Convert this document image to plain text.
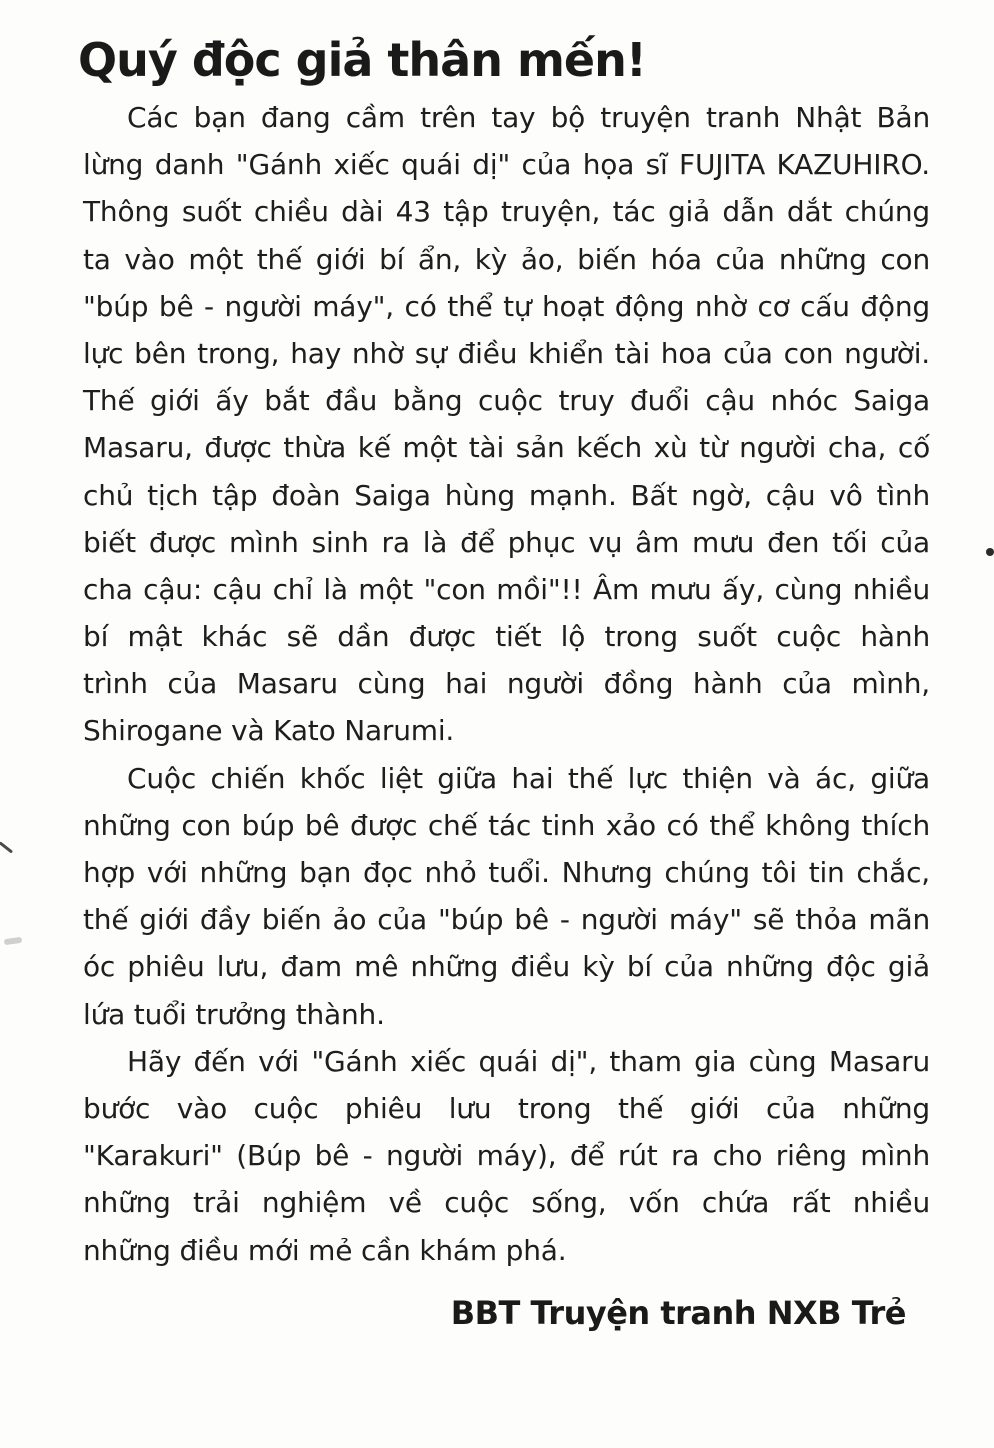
Quý độc giả thân mến!
Các bạn đang cầm trên tay bộ truyện tranh Nhật Bản
lừng danh "Gánh xiếc quái dị" của họa sĩ FUJITA KAZUHIRO.
Thông suốt chiều dài 43 tập truyện, tác giả dẫn dắt chúng
ta vào một thế giới bí ẩn, kỳ ảo, biến hóa của những con
"búp bê - người máy", có thể tự hoạt động nhờ cơ cấu động
lực bên trong, hay nhờ sự điều khiển tài hoa của con người.
Thế giới ấy bắt đầu bằng cuộc truy đuổi cậu nhóc Saiga
Masaru, được thừa kế một tài sản kếch xù từ người cha, cố
chủ tịch tập đoàn Saiga hùng mạnh. Bất ngờ, cậu vô tình
biết được mình sinh ra là để phục vụ âm mưu đen tối của
cha cậu: cậu chỉ là một "con mồi"!! Âm mưu ấy, cùng nhiều
bí mật khác sẽ dần được tiết lộ trong suốt cuộc hành
trình của Masaru cùng hai người đồng hành của mình,
Shirogane và Kato Narumi.
Cuộc chiến khốc liệt giữa hai thế lực thiện và ác, giữa
những con búp bê được chế tác tinh xảo có thể không thích
hợp với những bạn đọc nhỏ tuổi. Nhưng chúng tôi tin chắc,
thế giới đầy biến ảo của "búp bê - người máy" sẽ thỏa mãn
óc phiêu lưu, đam mê những điều kỳ bí của những độc giả
lứa tuổi trưởng thành.
Hãy đến với "Gánh xiếc quái dị", tham gia cùng Masaru
bước vào cuộc phiêu lưu trong thế giới của những
"Karakuri" (Búp bê - người máy), để rút ra cho riêng mình
những trải nghiệm về cuộc sống, vốn chứa rất nhiều
những điều mới mẻ cần khám phá.
BBT Truyện tranh NXB Trẻ
